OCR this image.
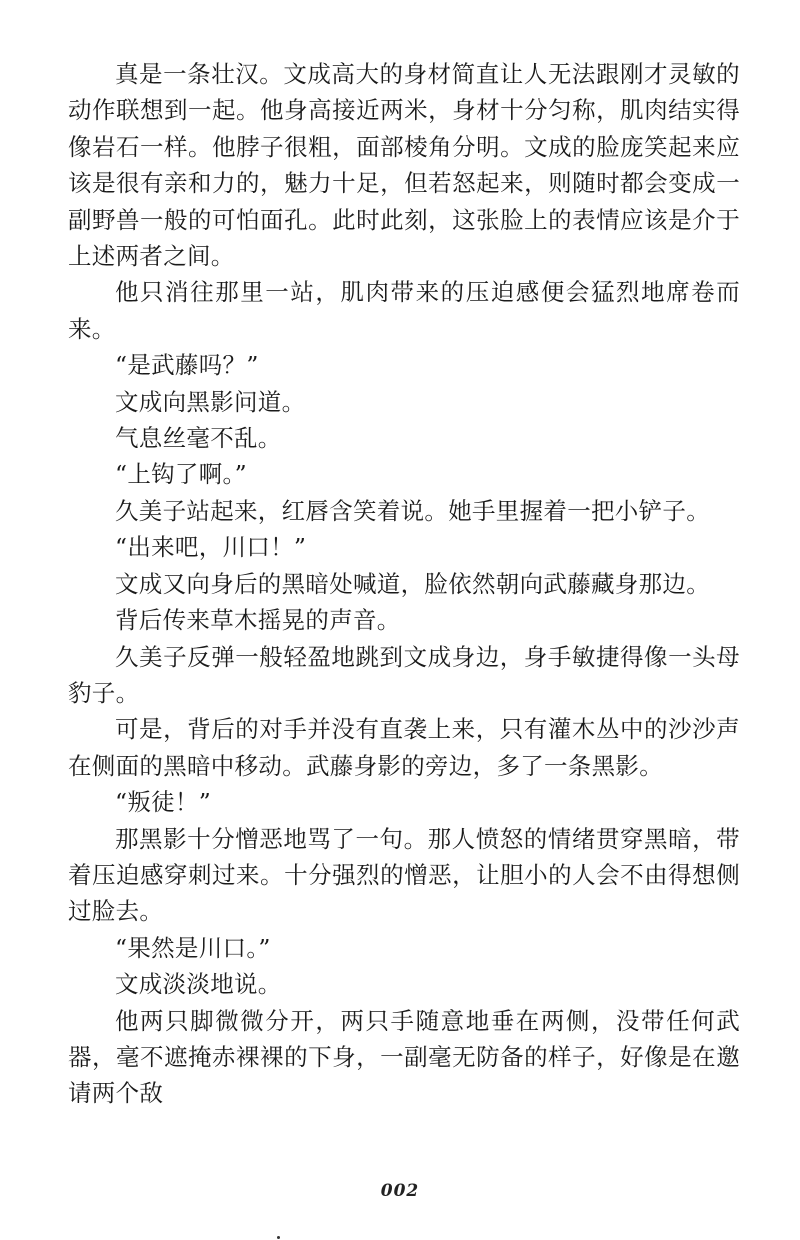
真是一条壮汉。文成高大的身材简直让人无法跟刚才灵敏的动作联想到一起。他身高接近两米，身材十分匀称，肌肉结实得像岩石一样。他脖子很粗，面部棱角分明。文成的脸庞笑起来应该是很有亲和力的，魅力十足，但若怒起来，则随时都会变成一副野兽一般的可怕面孔。此时此刻，这张脸上的表情应该是介于上述两者之间。

他只消往那里一站，肌肉带来的压迫感便会猛烈地席卷而来。

“是武藤吗？”

文成向黑影问道。

气息丝毫不乱。

“上钩了啊。”

久美子站起来，红唇含笑着说。她手里握着一把小铲子。

“出来吧，川口！”

文成又向身后的黑暗处喊道，脸依然朝向武藤藏身那边。

背后传来草木摇晃的声音。

久美子反弹一般轻盈地跳到文成身边，身手敏捷得像一头母豹子。

可是，背后的对手并没有直袭上来，只有灌木丛中的沙沙声在侧面的黑暗中移动。武藤身影的旁边，多了一条黑影。

“叛徒！”

那黑影十分憎恶地骂了一句。那人愤怒的情绪贯穿黑暗，带着压迫感穿刺过来。十分强烈的憎恶，让胆小的人会不由得想侧过脸去。

“果然是川口。”

文成淡淡地说。

他两只脚微微分开，两只手随意地垂在两侧，没带任何武器，毫不遮掩赤裸裸的下身，一副毫无防备的样子，好像是在邀请两个敌

002
